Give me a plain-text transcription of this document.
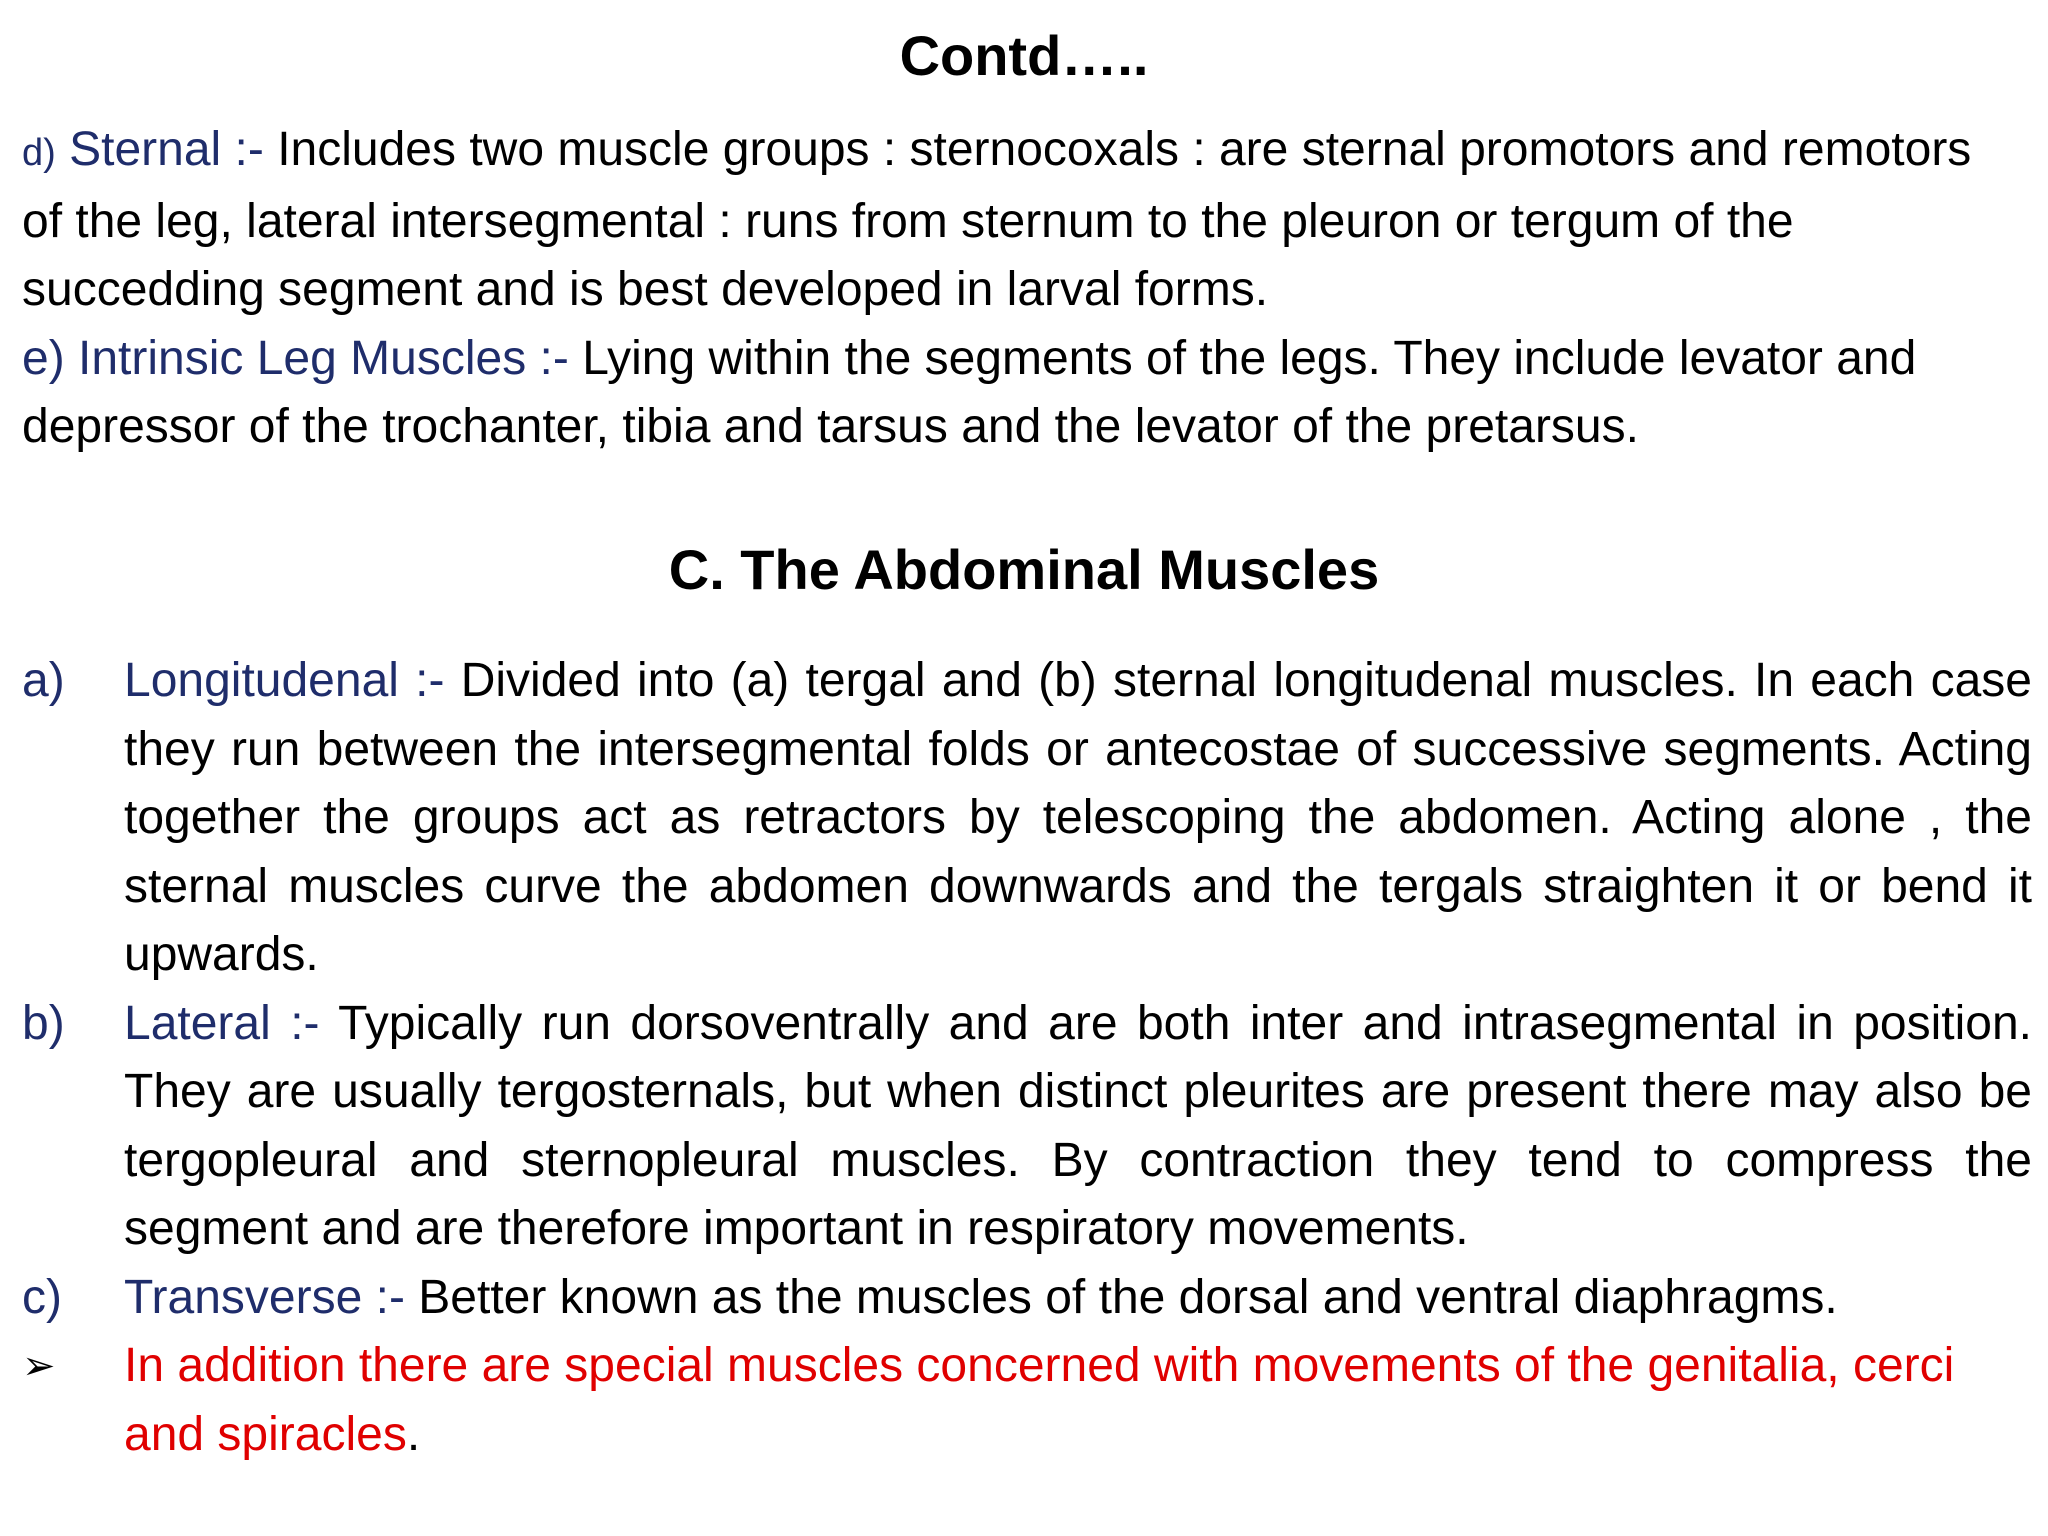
Contd…..
d) Sternal :- Includes two muscle groups : sternocoxals : are sternal promotors and remotors of the leg, lateral intersegmental : runs from sternum to the pleuron or tergum of the succedding segment and is best developed in larval forms.
e) Intrinsic Leg Muscles :- Lying within the segments of the legs. They include levator and depressor of the trochanter, tibia and tarsus and the levator of the pretarsus.
C. The Abdominal Muscles
a)	Longitudenal :- Divided into (a) tergal and (b) sternal longitudenal muscles. In each case they run between the intersegmental folds or antecostae of successive segments. Acting together the groups act as retractors by telescoping the abdomen. Acting alone , the sternal muscles curve the abdomen downwards and the tergals straighten it or bend it upwards.
b)	Lateral :- Typically run dorsoventrally and are both inter and intrasegmental in position. They are usually tergosternals, but when distinct pleurites are present there may also be tergopleural and sternopleural muscles. By contraction they tend to compress the segment and are therefore important in respiratory movements.
c)	Transverse :- Better known as the muscles of the dorsal and ventral diaphragms.
➢	In addition there are special muscles concerned with movements of the genitalia, cerci and spiracles.
